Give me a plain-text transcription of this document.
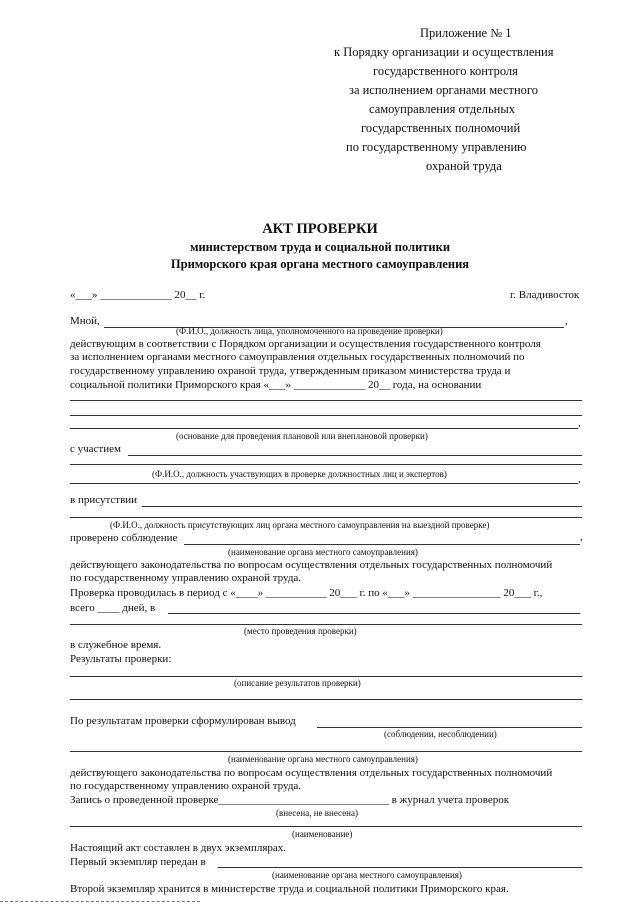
Приложение № 1
к Порядку организации и осуществления
государственного контроля
за исполнением органами местного
самоуправления отдельных
государственных полномочий
по государственному управлению
охраной труда
АКТ ПРОВЕРКИ
министерством труда и социальной политики
Приморского края органа местного самоуправления
«___» _____________ 20__ г.	г. Владивосток
Мной,	,
(Ф.И.О., должность лица, уполномоченного на проведение проверки)
действующим в соответствии с Порядком организации и осуществления государственного контроля
за исполнением органами местного самоуправления отдельных государственных полномочий по
государственному управлению охраной труда, утвержденным приказом министерства труда и
социальной политики Приморского края «___» _____________ 20__ года, на основании
,
(основание для проведения плановой или внеплановой проверки)
с участием
(Ф.И.О., должность участвующих в проверке должностных лиц и экспертов)	,
в присутствии
(Ф.И.О., должность присутствующих лиц органа местного самоуправления на выездной проверке)
проверено соблюдение	,
(наименование органа местного самоуправления)
действующего законодательства по вопросам осуществления отдельных государственных полномочий
по государственному управлению охраной труда.
Проверка проводилась в период с «____» ___________ 20___ г. по «___» ________________ 20___ г.,
всего ____ дней, в
(место проведения проверки)
в служебное время.
Результаты проверки:
(описание результатов проверки)
По результатам проверки сформулирован вывод
(соблюдении, несоблюдении)
(наименование органа местного самоуправления)
действующего законодательства по вопросам осуществления отдельных государственных полномочий
по государственному управлению охраной труда.
Запись о проведенной проверке_______________________________ в журнал учета проверок
(внесена, не внесена)
(наименование)
Настоящий акт составлен в двух экземплярах.
Первый экземпляр передан в
(наименование органа местного самоуправления)
Второй экземпляр хранится в министерстве труда и социальной политики Приморского края.
